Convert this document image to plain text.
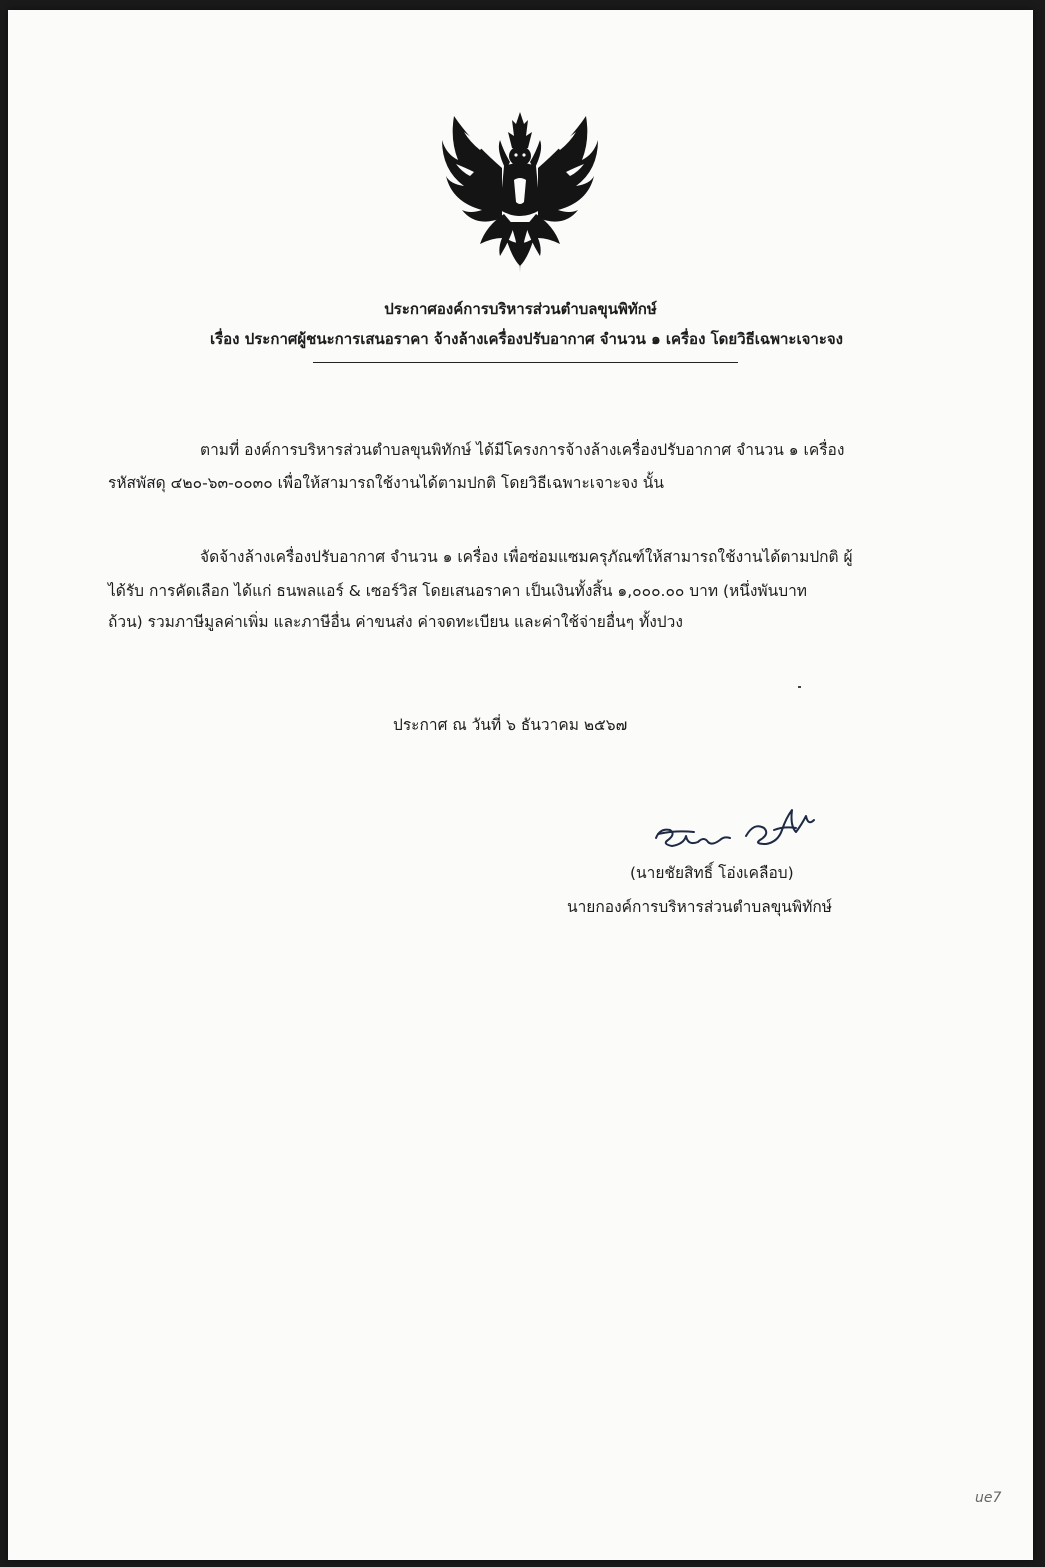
ประกาศองค์การบริหารส่วนตำบลขุนพิทักษ์
เรื่อง ประกาศผู้ชนะการเสนอราคา จ้างล้างเครื่องปรับอากาศ จำนวน ๑ เครื่อง โดยวิธีเฉพาะเจาะจง
ตามที่ องค์การบริหารส่วนตำบลขุนพิทักษ์ ได้มีโครงการจ้างล้างเครื่องปรับอากาศ จำนวน ๑ เครื่อง
รหัสพัสดุ ๔๒๐-๖๓-๐๐๓๐ เพื่อให้สามารถใช้งานได้ตามปกติ โดยวิธีเฉพาะเจาะจง นั้น
จัดจ้างล้างเครื่องปรับอากาศ จำนวน ๑ เครื่อง เพื่อซ่อมแซมครุภัณฑ์ให้สามารถใช้งานได้ตามปกติ ผู้
ได้รับ การคัดเลือก ได้แก่ ธนพลแอร์ & เซอร์วิส โดยเสนอราคา เป็นเงินทั้งสิ้น ๑,๐๐๐.๐๐ บาท (หนึ่งพันบาท
ถ้วน) รวมภาษีมูลค่าเพิ่ม และภาษีอื่น ค่าขนส่ง ค่าจดทะเบียน และค่าใช้จ่ายอื่นๆ ทั้งปวง
ประกาศ ณ วันที่ ๖ ธันวาคม ๒๕๖๗
(นายชัยสิทธิ์ โอ่งเคลือบ)
นายกองค์การบริหารส่วนตำบลขุนพิทักษ์
ue7
